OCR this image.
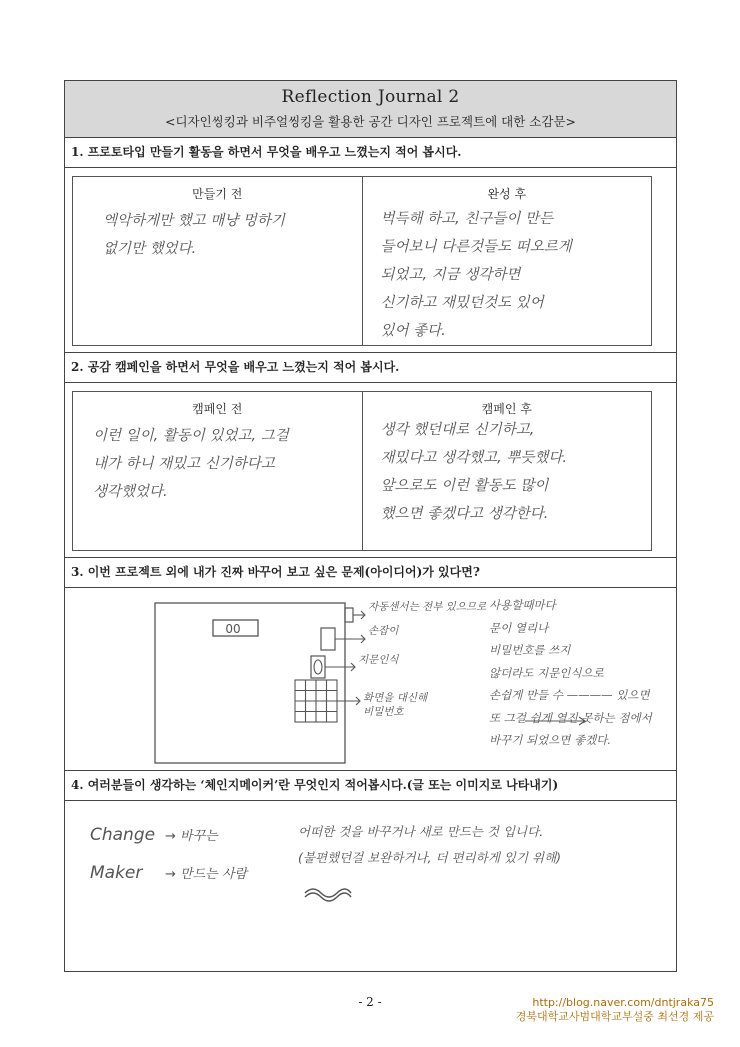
Reflection Journal 2
<디자인씽킹과 비주얼씽킹을 활용한 공간 디자인 프로젝트에 대한 소감문>
1. 프로토타입 만들기 활동을 하면서 무엇을 배우고 느꼈는지 적어 봅시다.
만들기 전
엑악하게만 했고 매냥 멍하기
없기만 했었다.
완성 후
벅득해 하고, 친구들이 만든
들어보니 다른것들도 떠오르게
되었고, 지금 생각하면
신기하고 재밌던것도 있어
있어 좋다.
2. 공감 캠페인을 하면서 무엇을 배우고 느꼈는지 적어 봅시다.
캠페인 전
이런 일이, 활동이 있었고, 그걸
내가 하니 재밌고 신기하다고
생각했었다.
캠페인 후
생각 했던대로 신기하고,
재밌다고 생각했고, 뿌듯했다.
앞으로도 이런 활동도 많이
했으면 좋겠다고 생각한다.
3. 이번 프로젝트 외에 내가 진짜 바꾸어 보고 싶은 문제(아이디어)가 있다면?
00
자동센서는 전부 있으므로
손잡이
지문인식
화면을 대신해 비밀번호
사용할때마다
문이 열리나
비밀번호를 쓰지
않더라도 지문인식으로
손쉽게 만들 수 ———— 있으면
또 그걸 쉽게 열진 못하는 점에서
바꾸기 되었으면 좋겠다.
4. 여러분들이 생각하는 ‘체인지메이커’란 무엇인지 적어봅시다.(글 또는 이미지로 나타내기)
Change → 바꾸는
Maker → 만드는 사람
어떠한 것을 바꾸거나 새로 만드는 것 입니다.
(불편했던걸 보완하거나, 더 편리하게 있기 위해)
- 2 -	http://blog.naver.com/dntjraka75
경북대학교사범대학교부설중 최선경 제공
